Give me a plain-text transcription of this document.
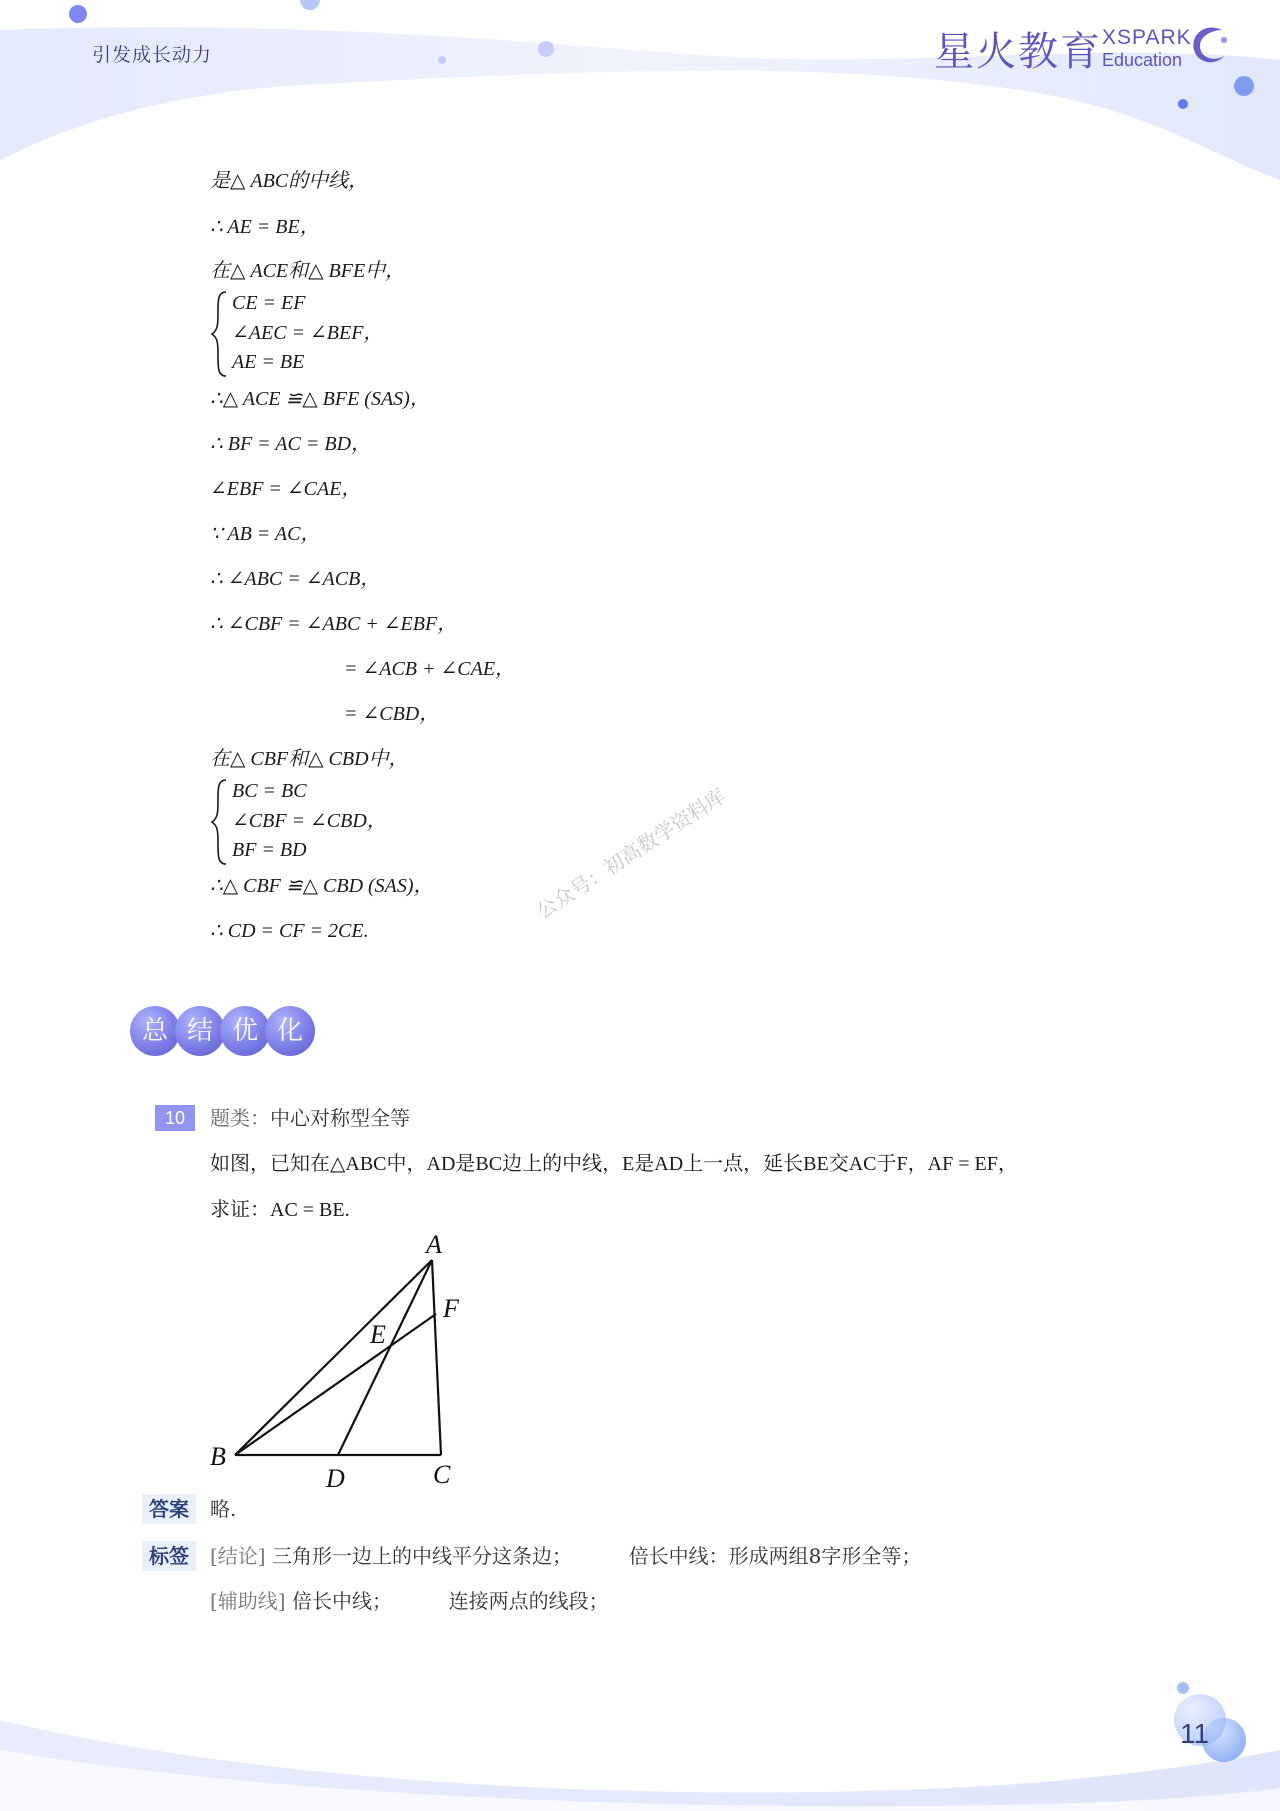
引发成长动力	星火教育 XSPARK
Education
是△ ABC的中线，
∴ AE = BE，
在△ ACE和△ BFE中，
CE = EF
∠AEC = ∠BEF，
AE = BE
∴△ ACE ≌△ BFE (SAS)，
∴ BF = AC = BD，
∠EBF = ∠CAE，
∵ AB = AC，
∴ ∠ABC = ∠ACB，
∴ ∠CBF = ∠ABC + ∠EBF，
= ∠ACB + ∠CAE，
= ∠CBD，
在△ CBF和△ CBD中，
BC = BC
∠CBF = ∠CBD，
BF = BD
∴△ CBF ≌△ CBD (SAS)，
∴ CD = CF = 2CE.
公众号：初高数学资料库
总 结 优 化
10	题类：中心对称型全等
如图，已知在△ABC中，AD是BC边上的中线，E是AD上一点，延长BE交AC于F，AF = EF，
求证：AC = BE.
A
F
E
B
D	C
答案	略.
标签	[结论] 三角形一边上的中线平分这条边；	倍长中线：形成两组8字形全等；
[辅助线] 倍长中线；	连接两点的线段；
11
